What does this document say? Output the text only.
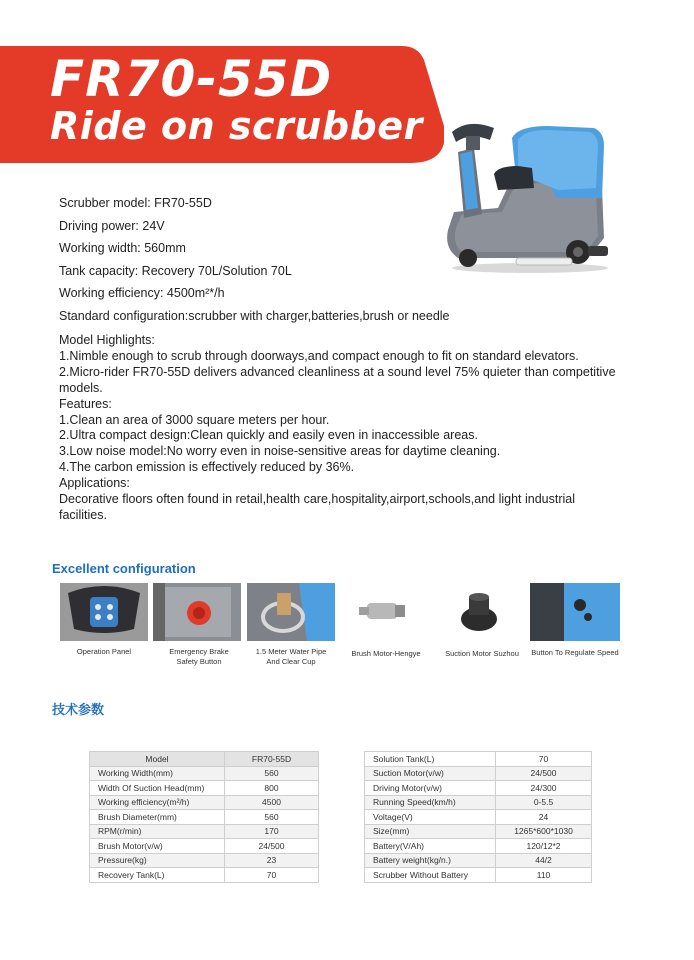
FR70-55D
Ride on scrubber
Scrubber model: FR70-55D
Driving power: 24V
Working width: 560mm
Tank capacity: Recovery 70L/Solution 70L
Working efficiency: 4500m²*/h
Standard configuration:scrubber with charger,batteries,brush or needle
Model Highlights:
1.Nimble enough to scrub through doorways,and compact enough to fit on standard elevators.
2.Micro-rider FR70-55D delivers advanced cleanliness at a sound level 75% quieter than competitive models.
Features:
1.Clean an area of 3000 square meters per hour.
2.Ultra compact design:Clean quickly and easily even in inaccessible areas.
3.Low noise model:No worry even in noise-sensitive areas for daytime cleaning.
4.The carbon emission is effectively reduced by 36%.
Applications:
Decorative floors often found in retail,health care,hospitality,airport,schools,and light industrial facilities.
Excellent configuration
Operation Panel	Emergency Brake
Safety Button
1.5 Meter Water Pipe
And Clear Cup
Brush Motor-Hengye	Suction Motor Suzhou	Button To Regulate Speed
技术参数
Model	FR70-55D
Working Width(mm)	560
Width Of Suction Head(mm)	800
Working efficiency(m²/h)	4500
Brush Diameter(mm)	560
RPM(r/min)	170
Brush Motor(v/w)	24/500
Pressure(kg)	23
Recovery Tank(L)	70
Solution Tank(L)	70
Suction Motor(v/w)	24/500
Driving Motor(v/w)	24/300
Running Speed(km/h)	0-5.5
Voltage(V)	24
Size(mm)	1265*600*1030
Battery(V/Ah)	120/12*2
Battery weight(kg/n.)	44/2
Scrubber Without Battery	110
